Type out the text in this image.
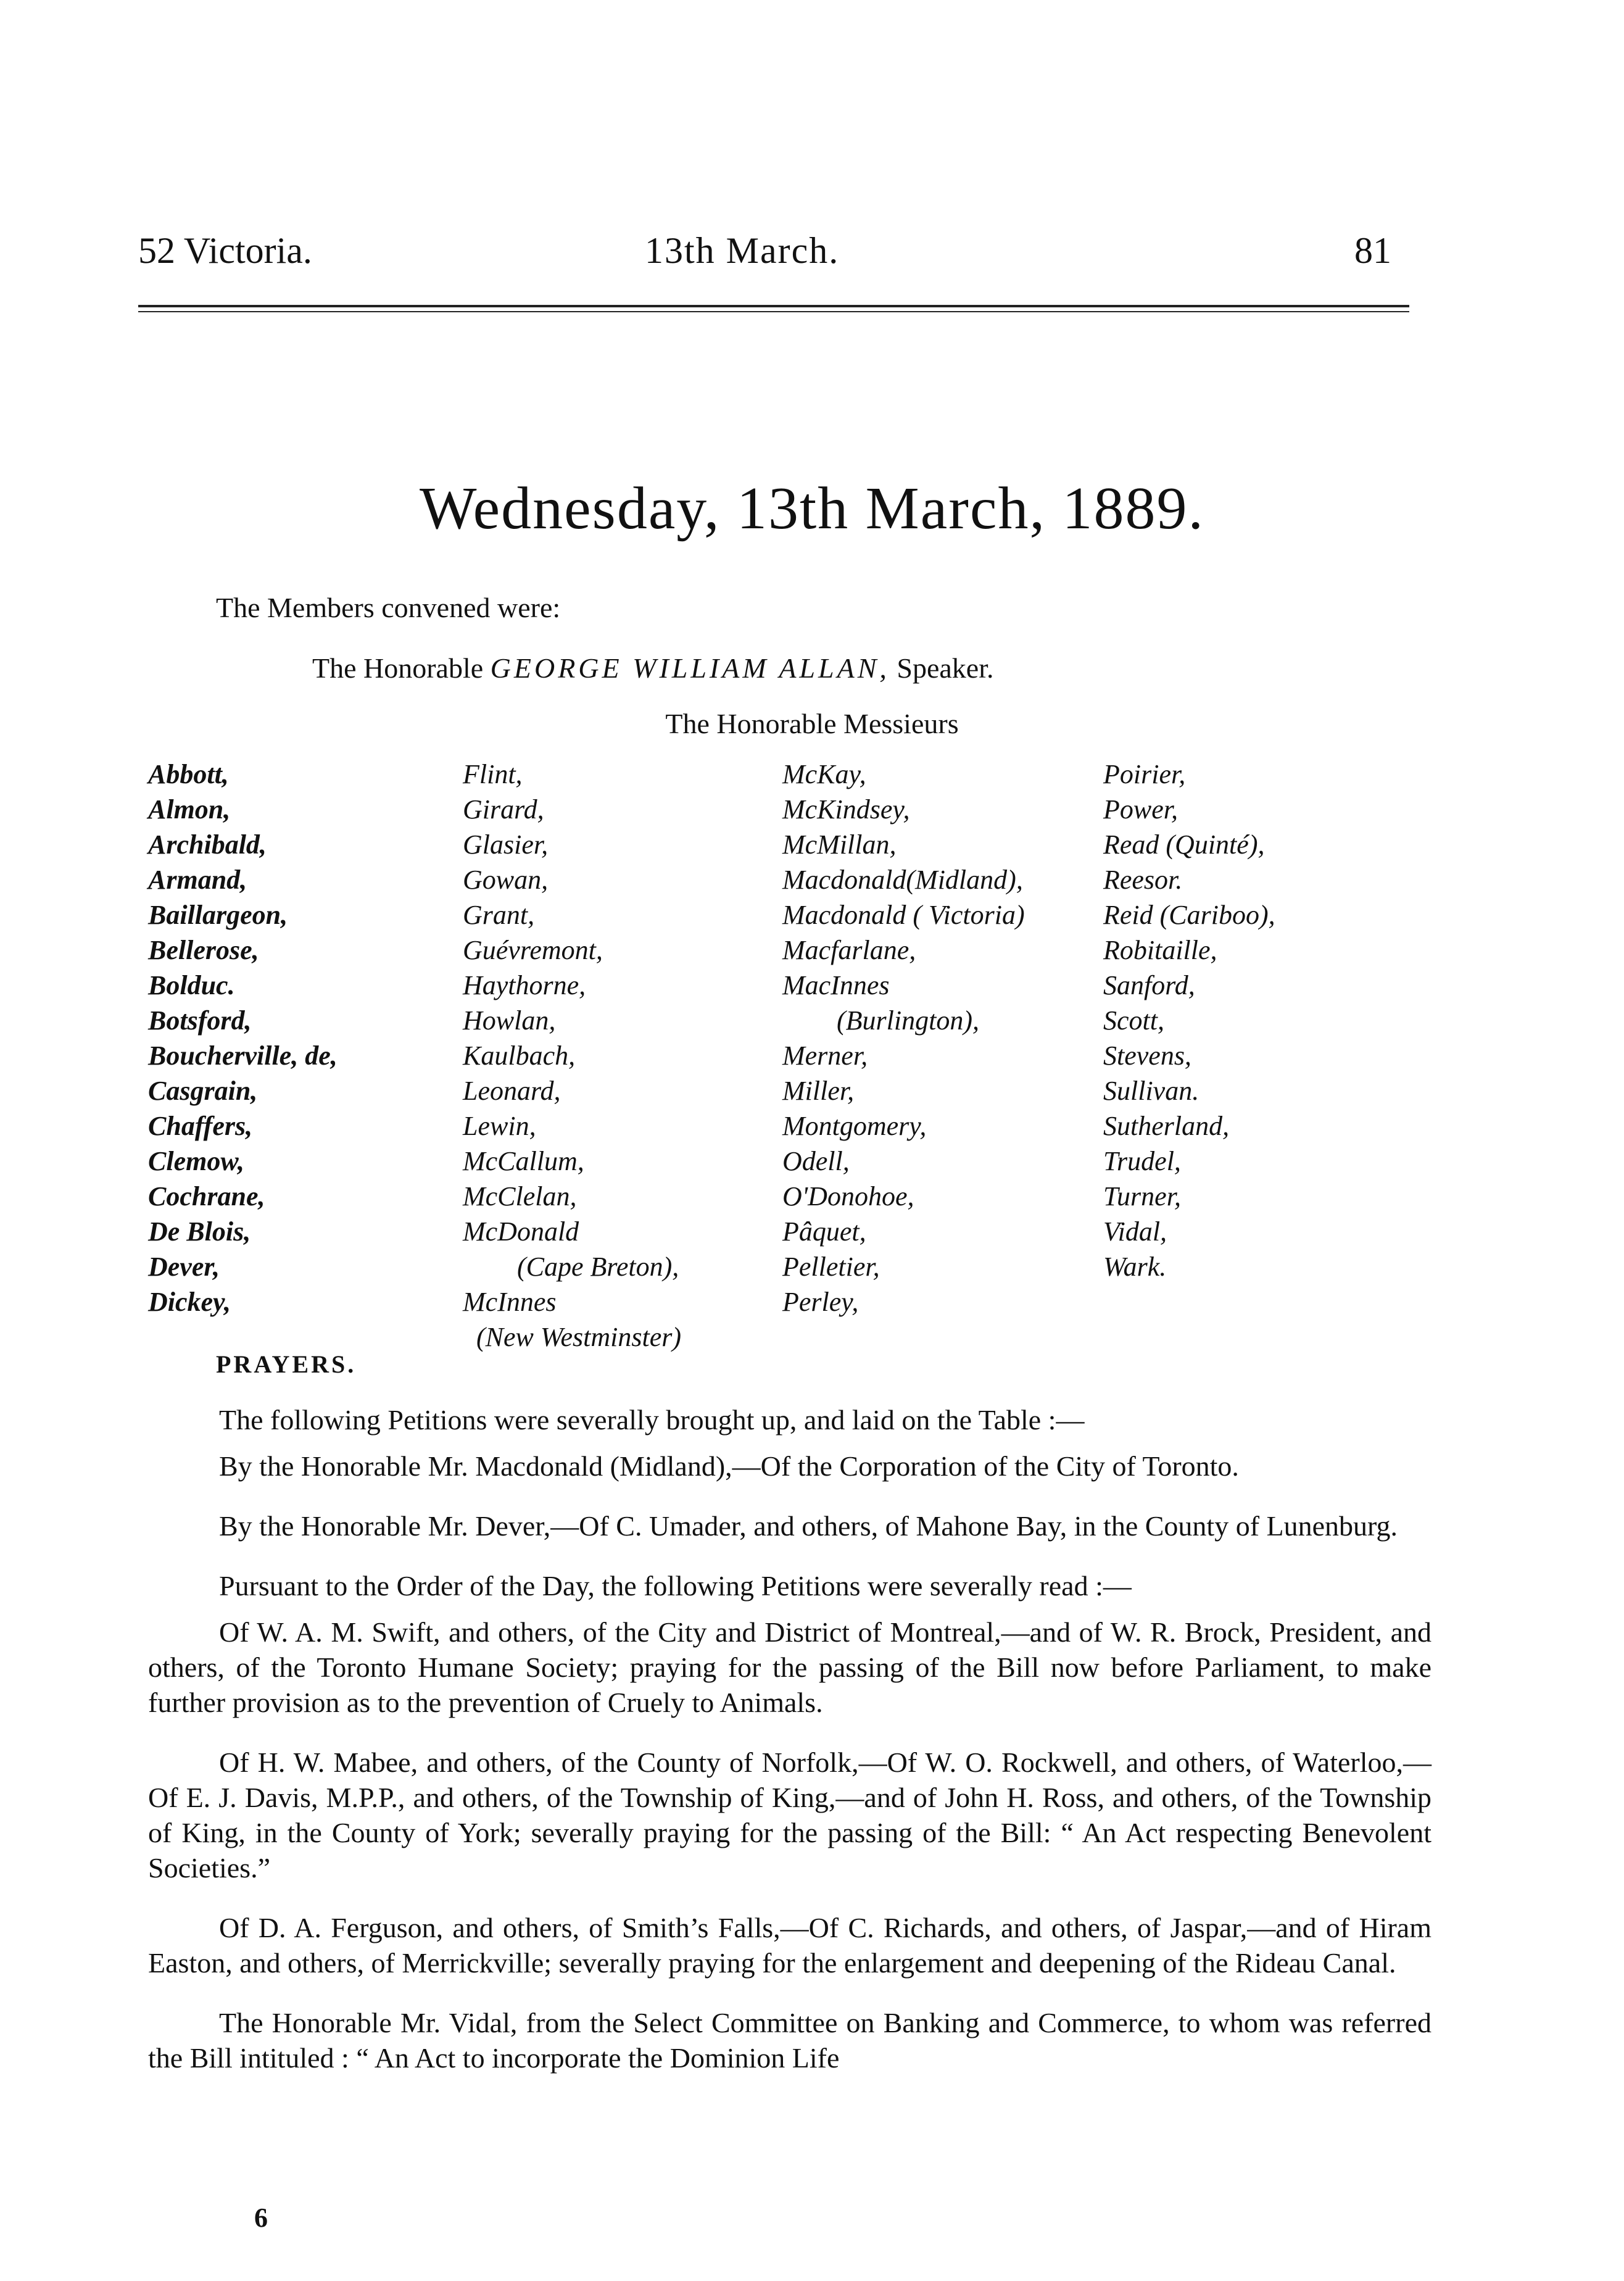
52 Victoria.	13th March.	81
Wednesday, 13th March, 1889.
The Members convened were:
The Honorable GEORGE WILLIAM ALLAN, Speaker.
The Honorable Messieurs
Abbott,
Almon,
Archibald,
Armand,
Baillargeon,
Bellerose,
Bolduc.
Botsford,
Boucherville, de,
Casgrain,
Chaffers,
Clemow,
Cochrane,
De Blois,
Dever,
Dickey,
Flint,
Girard,
Glasier,
Gowan,
Grant,
Guévremont,
Haythorne,
Howlan,
Kaulbach,
Leonard,
Lewin,
McCallum,
McClelan,
McDonald
(Cape Breton),
McInnes
(New Westminster)
McKay,
McKindsey,
McMillan,
Macdonald(Midland),
Macdonald ( Victoria)
Macfarlane,
MacInnes
(Burlington),
Merner,
Miller,
Montgomery,
Odell,
O'Donohoe,
Pâquet,
Pelletier,
Perley,
Poirier,
Power,
Read (Quinté),
Reesor.
Reid (Cariboo),
Robitaille,
Sanford,
Scott,
Stevens,
Sullivan.
Sutherland,
Trudel,
Turner,
Vidal,
Wark.
PRAYERS.

The following Petitions were severally brought up, and laid on the Table :—

By the Honorable Mr. Macdonald (Midland),—Of the Corporation of the City of Toronto.

By the Honorable Mr. Dever,—Of C. Umader, and others, of Mahone Bay, in the County of Lunenburg.

Pursuant to the Order of the Day, the following Petitions were severally read :—

Of W. A. M. Swift, and others, of the City and District of Montreal,—and of W. R. Brock, President, and others, of the Toronto Humane Society; praying for the passing of the Bill now before Parliament, to make further provision as to the prevention of Cruely to Animals.

Of H. W. Mabee, and others, of the County of Norfolk,—Of W. O. Rockwell, and others, of Waterloo,—Of E. J. Davis, M.P.P., and others, of the Township of King,—and of John H. Ross, and others, of the Township of King, in the County of York; severally praying for the passing of the Bill: “ An Act respecting Benevolent Societies.”

Of D. A. Ferguson, and others, of Smith’s Falls,—Of C. Richards, and others, of Jaspar,—and of Hiram Easton, and others, of Merrickville; severally praying for the enlargement and deepening of the Rideau Canal.

The Honorable Mr. Vidal, from the Select Committee on Banking and Commerce, to whom was referred the Bill intituled : “ An Act to incorporate the Dominion Life

6
